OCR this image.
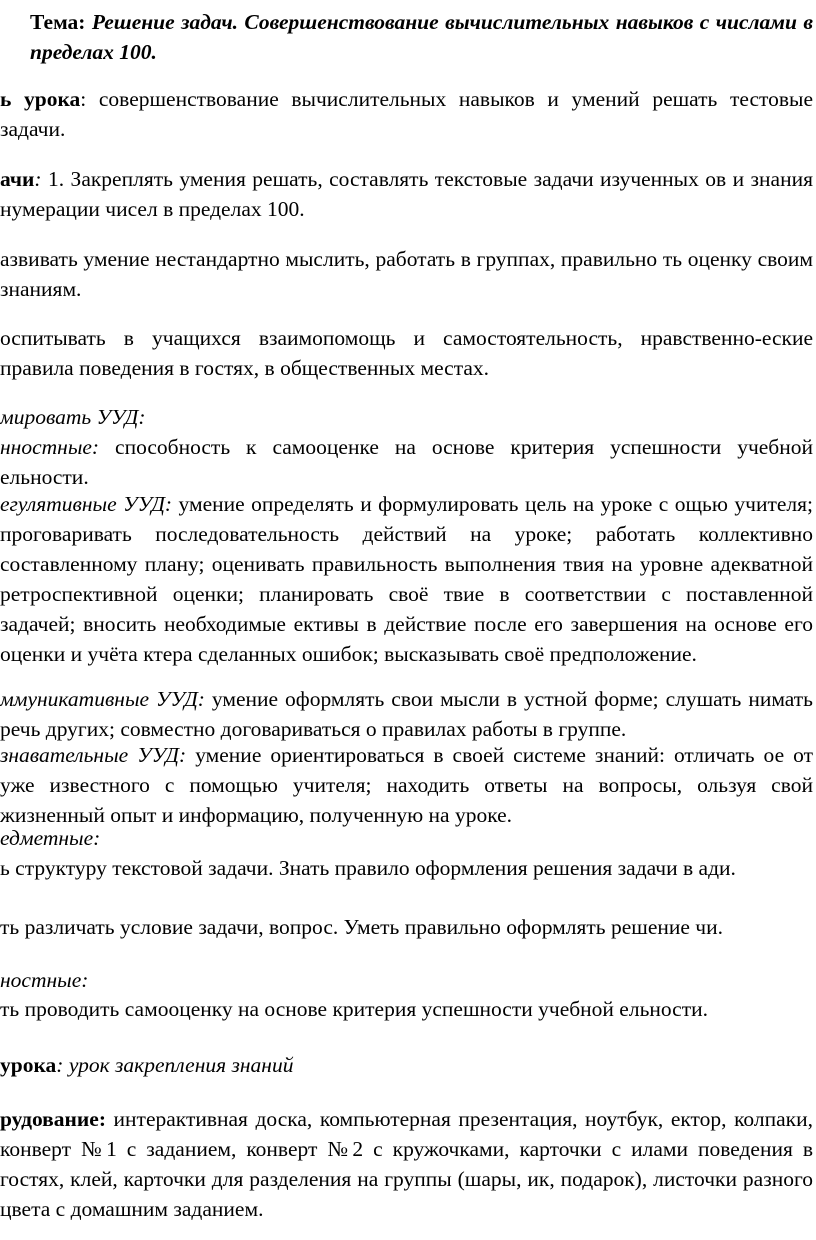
Тема: Решение задач. Совершенствование вычислительных навыков с числами в пределах 100.
ь урока: совершенствование вычислительных навыков и умений решать тестовые задачи.
ачи: 1. Закреплять умения решать, составлять текстовые задачи изученных ов и знания нумерации чисел в пределах 100.
азвивать умение нестандартно мыслить, работать в группах, правильно ть оценку своим знаниям.
оспитывать в учащихся взаимопомощь и самостоятельность, нравственно-еские правила поведения в гостях, в общественных местах.
мировать УУД:
нностные: способность к самооценке на основе критерия успешности учебной ельности.
егулятивные УУД: умение определять и формулировать цель на уроке с ощью учителя; проговаривать последовательность действий на уроке; работать коллективно составленному плану; оценивать правильность выполнения твия на уровне адекватной ретроспективной оценки; планировать своё твие в соответствии с поставленной задачей; вносить необходимые ективы в действие после его завершения на основе его оценки и учёта ктера сделанных ошибок; высказывать своё предположение.
ммуникативные УУД: умение оформлять свои мысли в устной форме; слушать нимать речь других; совместно договариваться о правилах работы в группе.
знавательные УУД: умение ориентироваться в своей системе знаний: отличать ое от уже известного с помощью учителя; находить ответы на вопросы, ользуя свой жизненный опыт и информацию, полученную на уроке.
едметные:
ь структуру текстовой задачи. Знать правило оформления решения задачи в ади.
ть различать условие задачи, вопрос. Уметь правильно оформлять решение чи.
ностные:
ть проводить самооценку на основе критерия успешности учебной ельности.
урока: урок закрепления знаний
рудование: интерактивная доска, компьютерная презентация, ноутбук, ектор, колпаки, конверт №1 с заданием, конверт №2 с кружочками, карточки с илами поведения в гостях, клей, карточки для разделения на группы (шары, ик, подарок), листочки разного цвета с домашним заданием.
